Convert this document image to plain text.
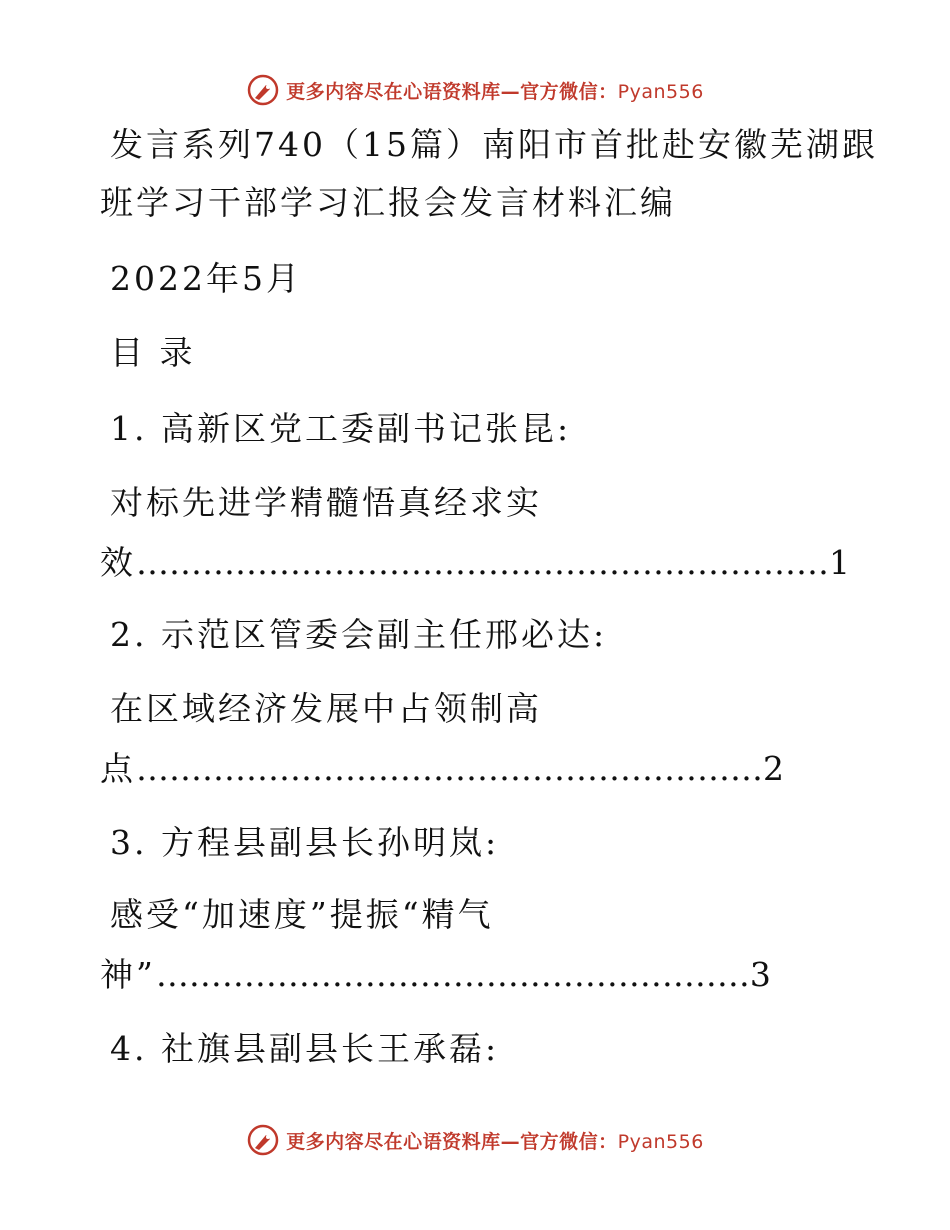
更多内容尽在心语资料库—官方微信：Pyan556
发言系列740（15篇）南阳市首批赴安徽芜湖跟
班学习干部学习汇报会发言材料汇编
2022年5月
目 录
1. 高新区党工委副书记张昆:
对标先进学精髓悟真经求实
效………………………………………………………1
2. 示范区管委会副主任邢必达:
在区域经济发展中占领制高
点…………………………………………………2
3. 方程县副县长孙明岚:
感受“加速度”提振“精气
神”………………………………………………3
4. 社旗县副县长王承磊:
更多内容尽在心语资料库—官方微信：Pyan556
